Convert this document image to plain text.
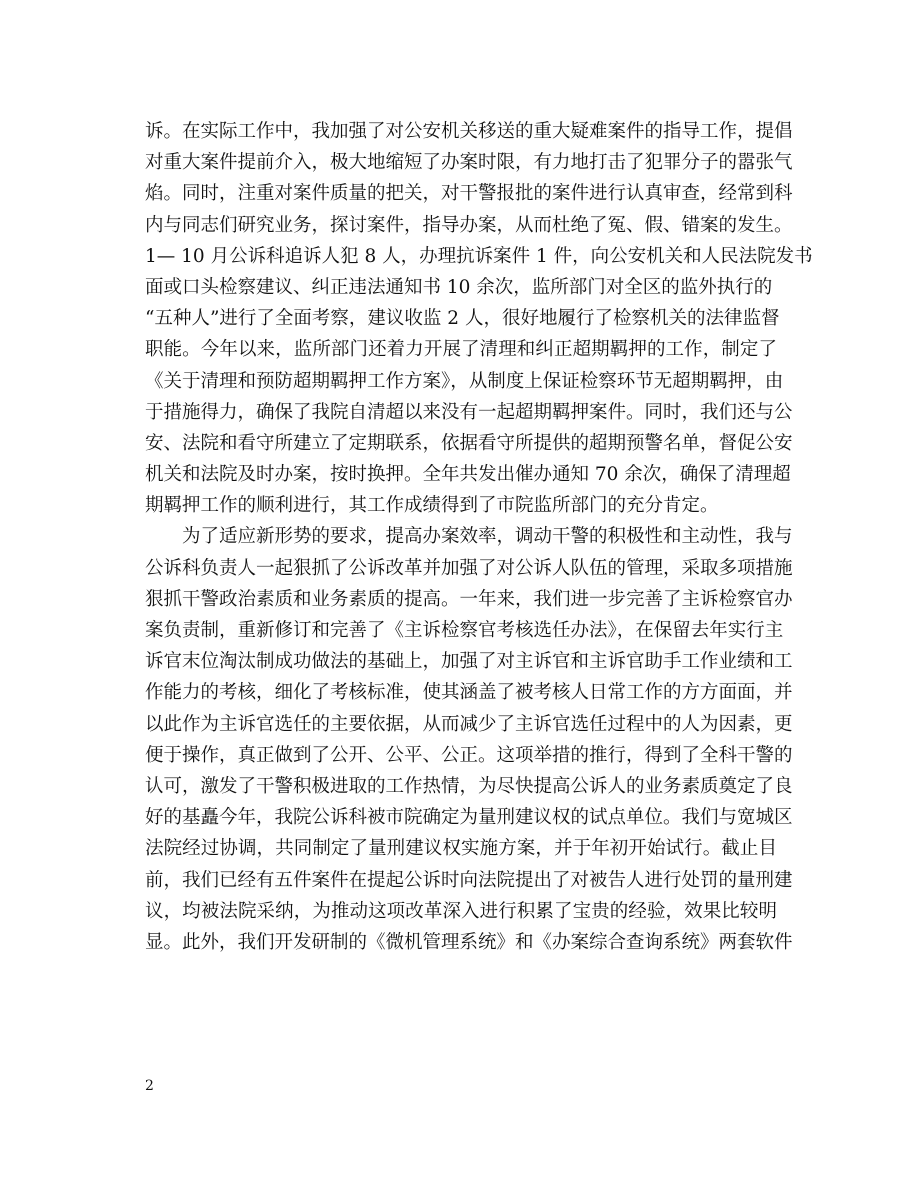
诉。在实际工作中，我加强了对公安机关移送的重大疑难案件的指导工作，提倡
对重大案件提前介入，极大地缩短了办案时限，有力地打击了犯罪分子的嚣张气
焰。同时，注重对案件质量的把关，对干警报批的案件进行认真审查，经常到科
内与同志们研究业务，探讨案件，指导办案，从而杜绝了冤、假、错案的发生。
1— 10 月公诉科追诉人犯 8 人，办理抗诉案件 1 件，向公安机关和人民法院发书
面或口头检察建议、纠正违法通知书 10 余次，监所部门对全区的监外执行的
“五种人”进行了全面考察，建议收监 2 人，很好地履行了检察机关的法律监督
职能。今年以来，监所部门还着力开展了清理和纠正超期羁押的工作，制定了
《关于清理和预防超期羁押工作方案》，从制度上保证检察环节无超期羁押，由
于措施得力，确保了我院自清超以来没有一起超期羁押案件。同时，我们还与公
安、法院和看守所建立了定期联系，依据看守所提供的超期预警名单，督促公安
机关和法院及时办案，按时换押。全年共发出催办通知 70 余次，确保了清理超
期羁押工作的顺利进行，其工作成绩得到了市院监所部门的充分肯定。
为了适应新形势的要求，提高办案效率，调动干警的积极性和主动性，我与
公诉科负责人一起狠抓了公诉改革并加强了对公诉人队伍的管理，采取多项措施
狠抓干警政治素质和业务素质的提高。一年来，我们进一步完善了主诉检察官办
案负责制，重新修订和完善了《主诉检察官考核选任办法》，在保留去年实行主
诉官末位淘汰制成功做法的基础上，加强了对主诉官和主诉官助手工作业绩和工
作能力的考核，细化了考核标准，使其涵盖了被考核人日常工作的方方面面，并
以此作为主诉官选任的主要依据，从而减少了主诉官选任过程中的人为因素，更
便于操作，真正做到了公开、公平、公正。这项举措的推行，得到了全科干警的
认可，激发了干警积极进取的工作热情，为尽快提高公诉人的业务素质奠定了良
好的基矗今年，我院公诉科被市院确定为量刑建议权的试点单位。我们与宽城区
法院经过协调，共同制定了量刑建议权实施方案，并于年初开始试行。截止目
前，我们已经有五件案件在提起公诉时向法院提出了对被告人进行处罚的量刑建
议，均被法院采纳，为推动这项改革深入进行积累了宝贵的经验，效果比较明
显。此外，我们开发研制的《微机管理系统》和《办案综合查询系统》两套软件
2
